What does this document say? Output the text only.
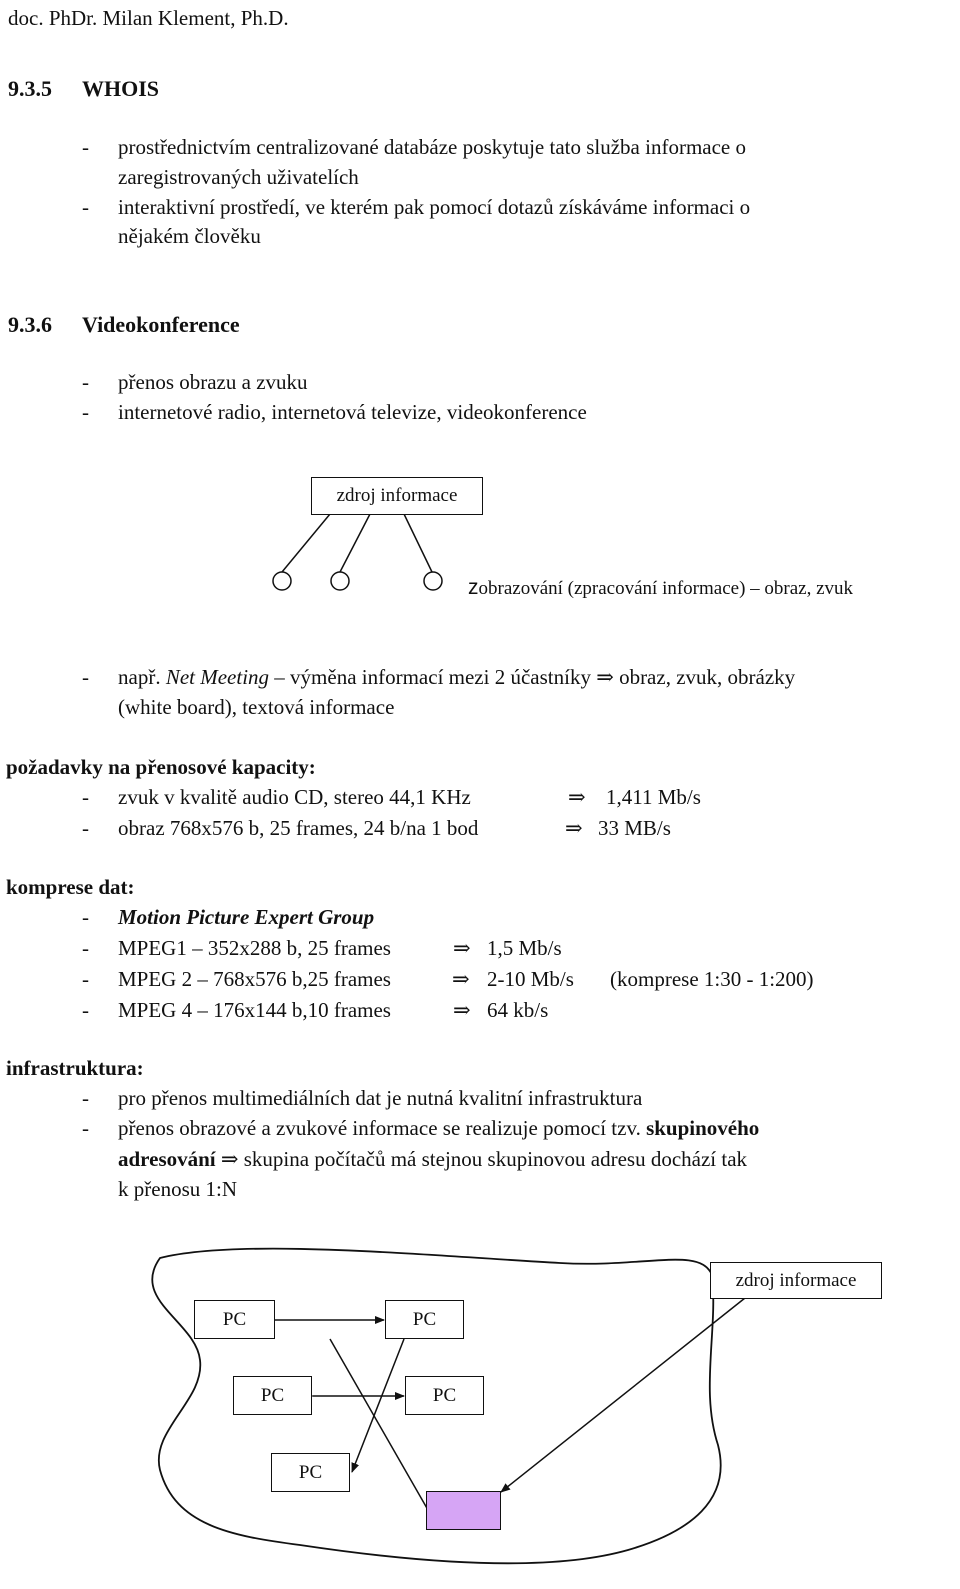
doc. PhDr. Milan Klement, Ph.D.
9.3.5 WHOIS
- prostřednictvím centralizované databáze poskytuje tato služba informace o
zaregistrovaných uživatelích
- interaktivní prostředí, ve kterém pak pomocí dotazů získáváme informaci o
nějakém člověku
9.3.6 Videokonference
- přenos obrazu a zvuku
- internetové radio, internetová televize, videokonference
zdroj informace
zobrazování (zpracování informace) – obraz, zvuk
- např. Net Meeting – výměna informací mezi 2 účastníky ⇒ obraz, zvuk, obrázky
(white board), textová informace
požadavky na přenosové kapacity:
- zvuk v kvalitě audio CD, stereo 44,1 KHz	⇒ 1,411 Mb/s
- obraz 768x576 b, 25 frames, 24 b/na 1 bod	⇒ 33 MB/s
komprese dat:
- Motion Picture Expert Group
- MPEG1 – 352x288 b, 25 frames	⇒ 1,5 Mb/s
- MPEG 2 – 768x576 b,25 frames	⇒ 2-10 Mb/s (komprese 1:30 - 1:200)
- MPEG 4 – 176x144 b,10 frames	⇒ 64 kb/s
infrastruktura:
- pro přenos multimediálních dat je nutná kvalitní infrastruktura
- přenos obrazové a zvukové informace se realizuje pomocí tzv. skupinového
adresování ⇒ skupina počítačů má stejnou skupinovou adresu dochází tak
k přenosu 1:N
PC	PC
PC	PC
PC
zdroj informace
